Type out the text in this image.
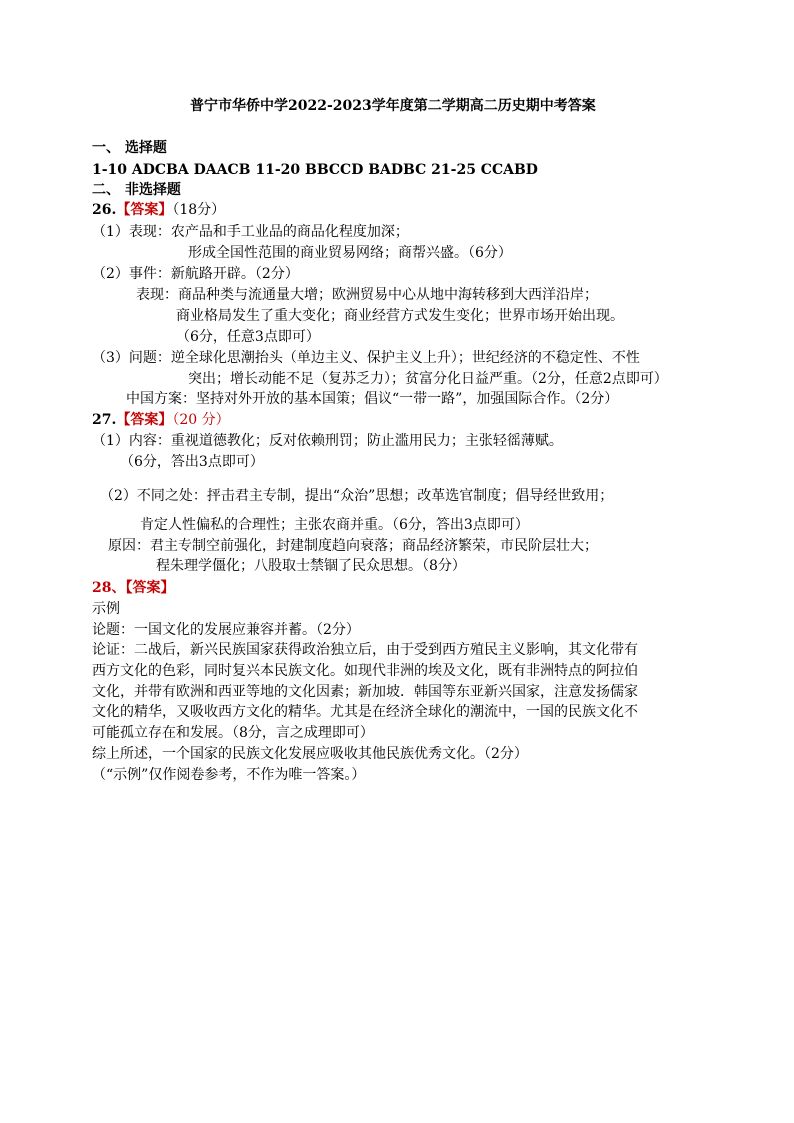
普宁市华侨中学2022-2023学年度第二学期高二历史期中考答案
一、 选择题
1-10 ADCBA DAACB 11-20 BBCCD BADBC 21-25 CCABD
二、 非选择题
26.【答案】（18分）
（1）表现：农产品和手工业品的商品化程度加深；
形成全国性范围的商业贸易网络；商帮兴盛。（6分）
（2）事件：新航路开辟。（2分）
表现：商品种类与流通量大增；欧洲贸易中心从地中海转移到大西洋沿岸；
商业格局发生了重大变化；商业经营方式发生变化；世界市场开始出现。
（6分，任意3点即可）
（3）问题：逆全球化思潮抬头（单边主义、保护主义上升）；世纪经济的不稳定性、不性
突出；增长动能不足（复苏乏力）；贫富分化日益严重。（2分，任意2点即可）
中国方案：坚持对外开放的基本国策；倡议“一带一路”，加强国际合作。（2分）
27.【答案】（20 分）
（1）内容：重视道德教化；反对依赖刑罚；防止滥用民力；主张轻徭薄赋。
（6分，答出3点即可）
（2）不同之处：抨击君主专制，提出“众治”思想；改革选官制度；倡导经世致用；
肯定人性偏私的合理性；主张农商并重。（6分，答出3点即可）
原因：君主专制空前强化，封建制度趋向衰落；商品经济繁荣，市民阶层壮大；
程朱理学僵化；八股取士禁锢了民众思想。（8分）
28、【答案】
示例
论题：一国文化的发展应兼容并蓄。（2分）
论证：二战后，新兴民族国家获得政治独立后，由于受到西方殖民主义影响，其文化带有
西方文化的色彩，同时复兴本民族文化。如现代非洲的埃及文化，既有非洲特点的阿拉伯
文化，并带有欧洲和西亚等地的文化因素；新加坡．韩国等东亚新兴国家，注意发扬儒家
文化的精华，又吸收西方文化的精华。尤其是在经济全球化的潮流中，一国的民族文化不
可能孤立存在和发展。（8分，言之成理即可）
综上所述，一个国家的民族文化发展应吸收其他民族优秀文化。（2分）
（“示例”仅作阅卷参考，不作为唯一答案。）
